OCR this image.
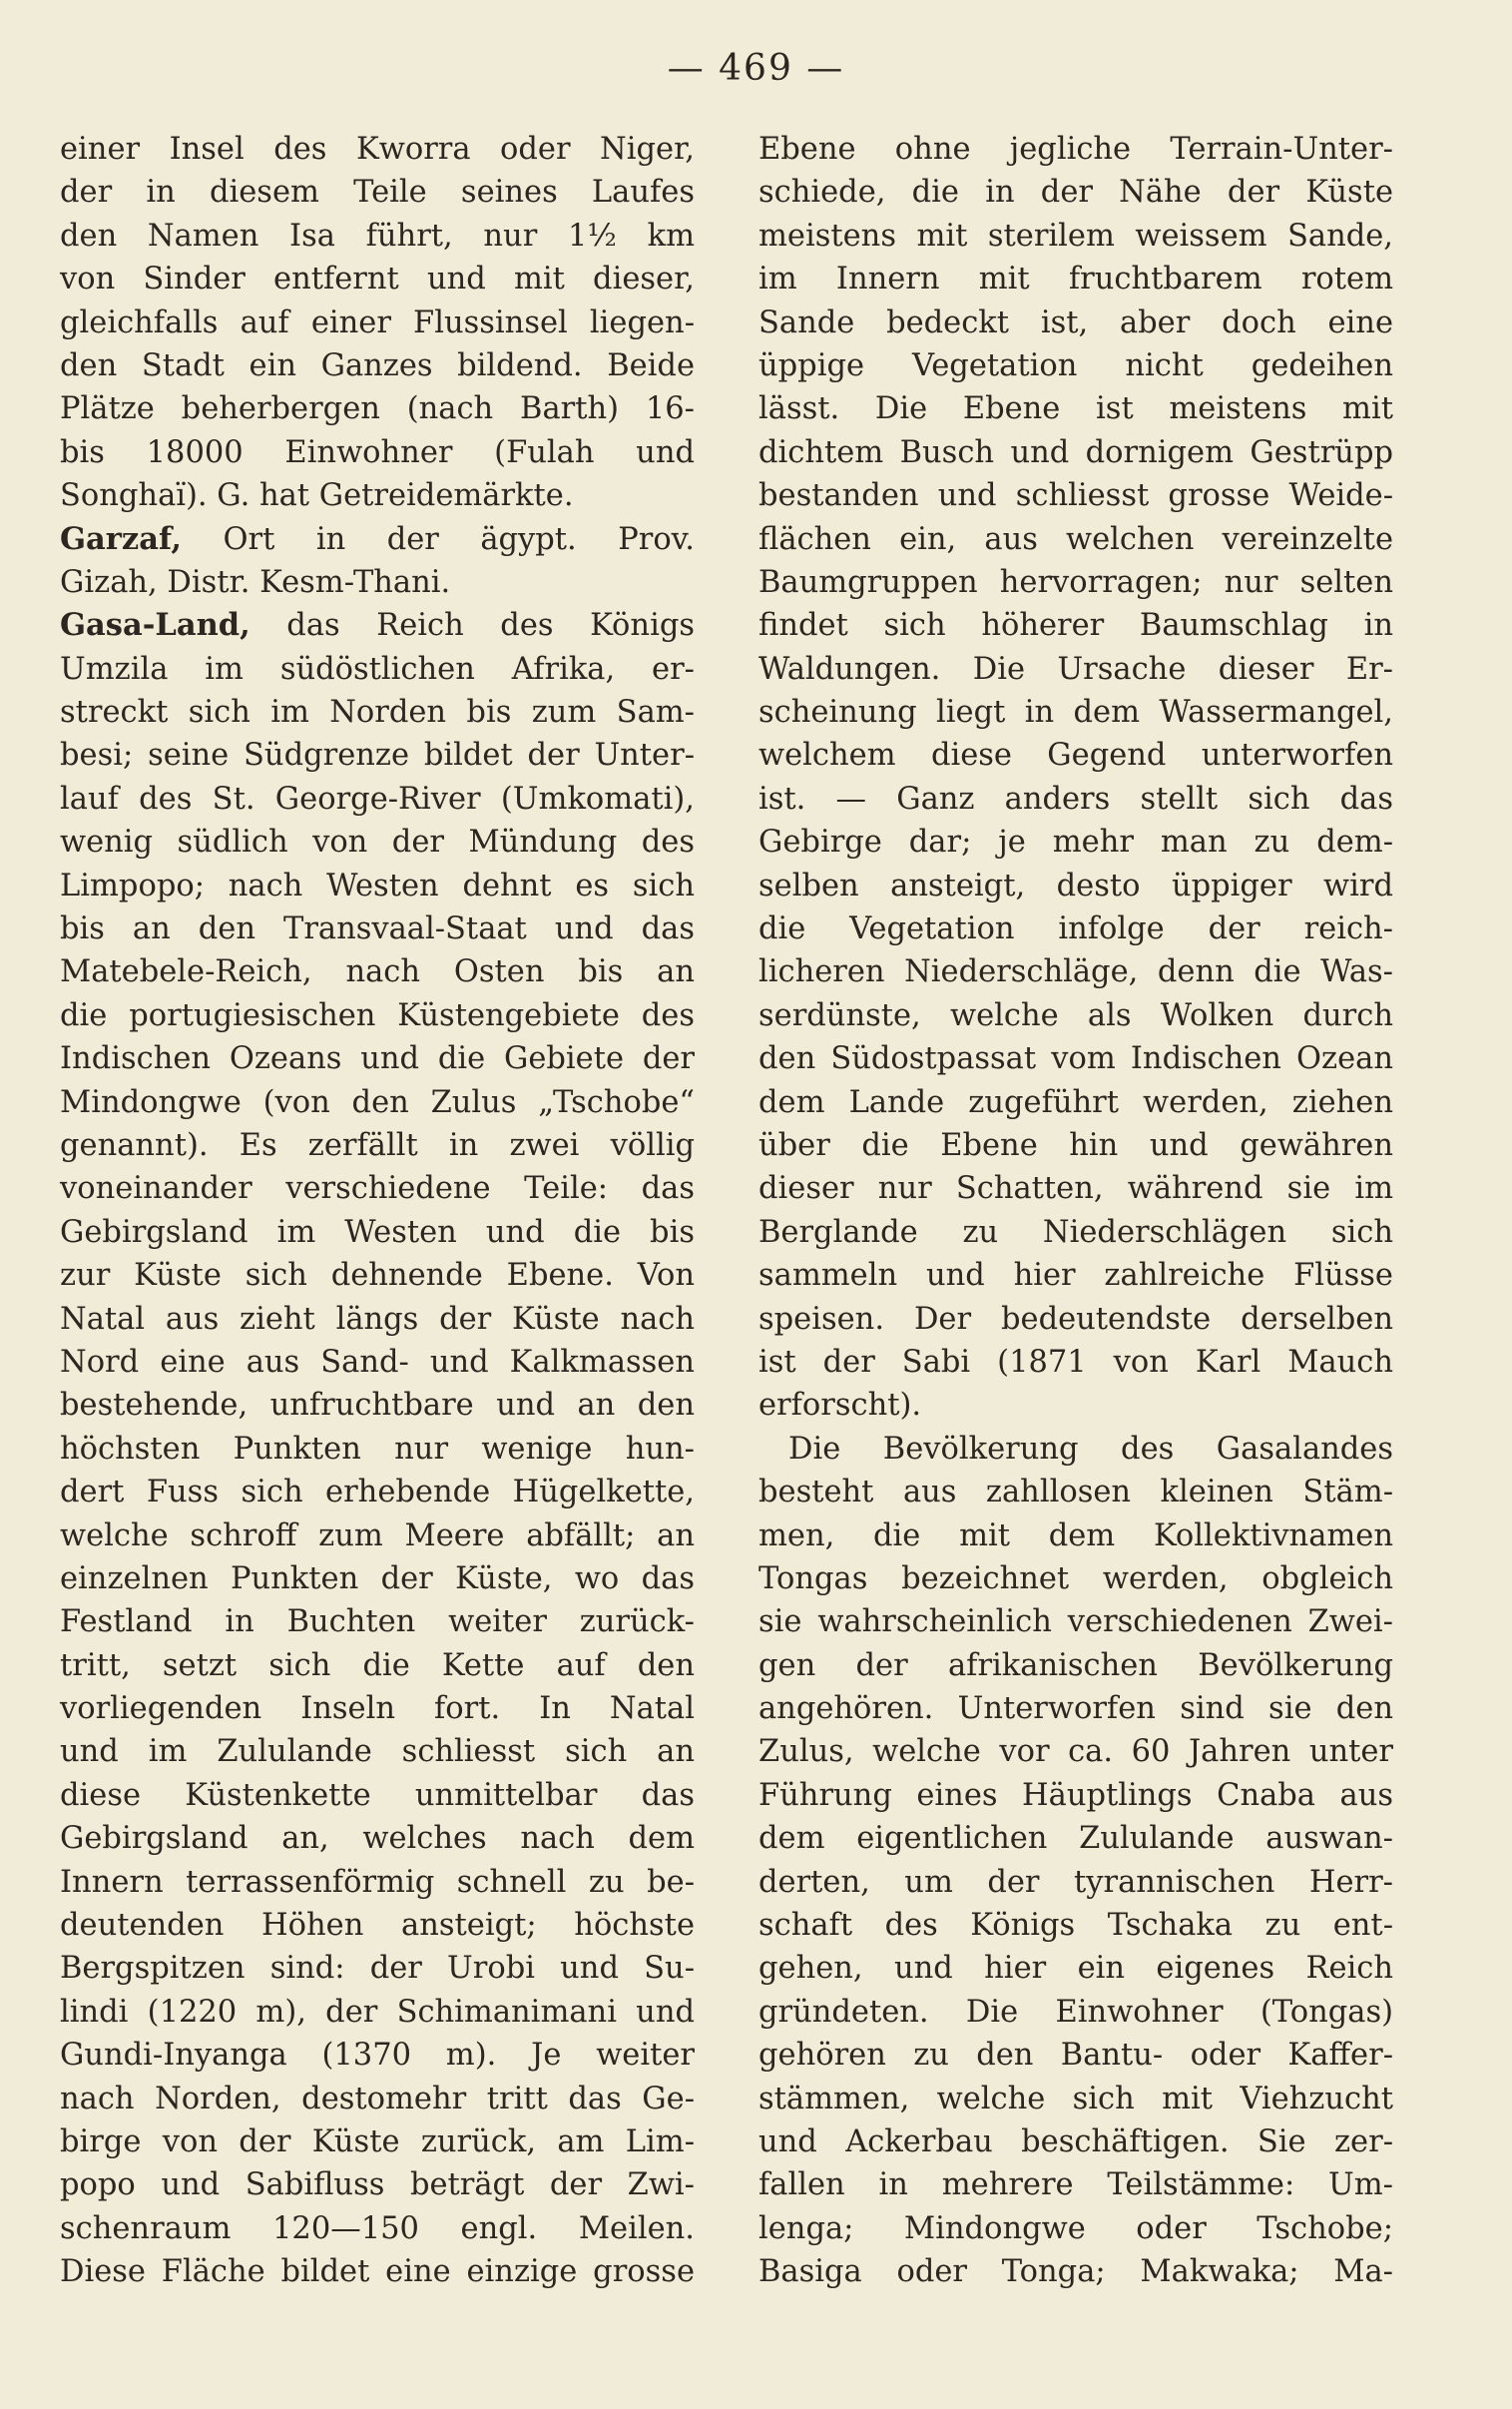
— 469 —
einer Insel des Kworra oder Niger,
der in diesem Teile seines Laufes
den Namen Isa führt, nur 1½ km
von Sinder entfernt und mit dieser,
gleichfalls auf einer Flussinsel liegen-
den Stadt ein Ganzes bildend. Beide
Plätze beherbergen (nach Barth) 16-
bis 18000 Einwohner (Fulah und
Songhaï). G. hat Getreidemärkte.
Garzaf, Ort in der ägypt. Prov.
Gizah, Distr. Kesm-Thani.
Gasa-Land, das Reich des Königs
Umzila im südöstlichen Afrika, er-
streckt sich im Norden bis zum Sam-
besi; seine Südgrenze bildet der Unter-
lauf des St. George-River (Umkomati),
wenig südlich von der Mündung des
Limpopo; nach Westen dehnt es sich
bis an den Transvaal-Staat und das
Matebele-Reich, nach Osten bis an
die portugiesischen Küstengebiete des
Indischen Ozeans und die Gebiete der
Mindongwe (von den Zulus „Tschobe“
genannt). Es zerfällt in zwei völlig
voneinander verschiedene Teile: das
Gebirgsland im Westen und die bis
zur Küste sich dehnende Ebene. Von
Natal aus zieht längs der Küste nach
Nord eine aus Sand- und Kalkmassen
bestehende, unfruchtbare und an den
höchsten Punkten nur wenige hun-
dert Fuss sich erhebende Hügelkette,
welche schroff zum Meere abfällt; an
einzelnen Punkten der Küste, wo das
Festland in Buchten weiter zurück-
tritt, setzt sich die Kette auf den
vorliegenden Inseln fort. In Natal
und im Zululande schliesst sich an
diese Küstenkette unmittelbar das
Gebirgsland an, welches nach dem
Innern terrassenförmig schnell zu be-
deutenden Höhen ansteigt; höchste
Bergspitzen sind: der Urobi und Su-
lindi (1220 m), der Schimanimani und
Gundi-Inyanga (1370 m). Je weiter
nach Norden, destomehr tritt das Ge-
birge von der Küste zurück, am Lim-
popo und Sabifluss beträgt der Zwi-
schenraum 120—150 engl. Meilen.
Diese Fläche bildet eine einzige grosse
Ebene ohne jegliche Terrain-Unter-
schiede, die in der Nähe der Küste
meistens mit sterilem weissem Sande,
im Innern mit fruchtbarem rotem
Sande bedeckt ist, aber doch eine
üppige Vegetation nicht gedeihen
lässt. Die Ebene ist meistens mit
dichtem Busch und dornigem Gestrüpp
bestanden und schliesst grosse Weide-
flächen ein, aus welchen vereinzelte
Baumgruppen hervorragen; nur selten
findet sich höherer Baumschlag in
Waldungen. Die Ursache dieser Er-
scheinung liegt in dem Wassermangel,
welchem diese Gegend unterworfen
ist. — Ganz anders stellt sich das
Gebirge dar; je mehr man zu dem-
selben ansteigt, desto üppiger wird
die Vegetation infolge der reich-
licheren Niederschläge, denn die Was-
serdünste, welche als Wolken durch
den Südostpassat vom Indischen Ozean
dem Lande zugeführt werden, ziehen
über die Ebene hin und gewähren
dieser nur Schatten, während sie im
Berglande zu Niederschlägen sich
sammeln und hier zahlreiche Flüsse
speisen. Der bedeutendste derselben
ist der Sabi (1871 von Karl Mauch
erforscht).
Die Bevölkerung des Gasalandes
besteht aus zahllosen kleinen Stäm-
men, die mit dem Kollektivnamen
Tongas bezeichnet werden, obgleich
sie wahrscheinlich verschiedenen Zwei-
gen der afrikanischen Bevölkerung
angehören. Unterworfen sind sie den
Zulus, welche vor ca. 60 Jahren unter
Führung eines Häuptlings Cnaba aus
dem eigentlichen Zululande auswan-
derten, um der tyrannischen Herr-
schaft des Königs Tschaka zu ent-
gehen, und hier ein eigenes Reich
gründeten. Die Einwohner (Tongas)
gehören zu den Bantu- oder Kaffer-
stämmen, welche sich mit Viehzucht
und Ackerbau beschäftigen. Sie zer-
fallen in mehrere Teilstämme: Um-
lenga; Mindongwe oder Tschobe;
Basiga oder Tonga; Makwaka; Ma-
